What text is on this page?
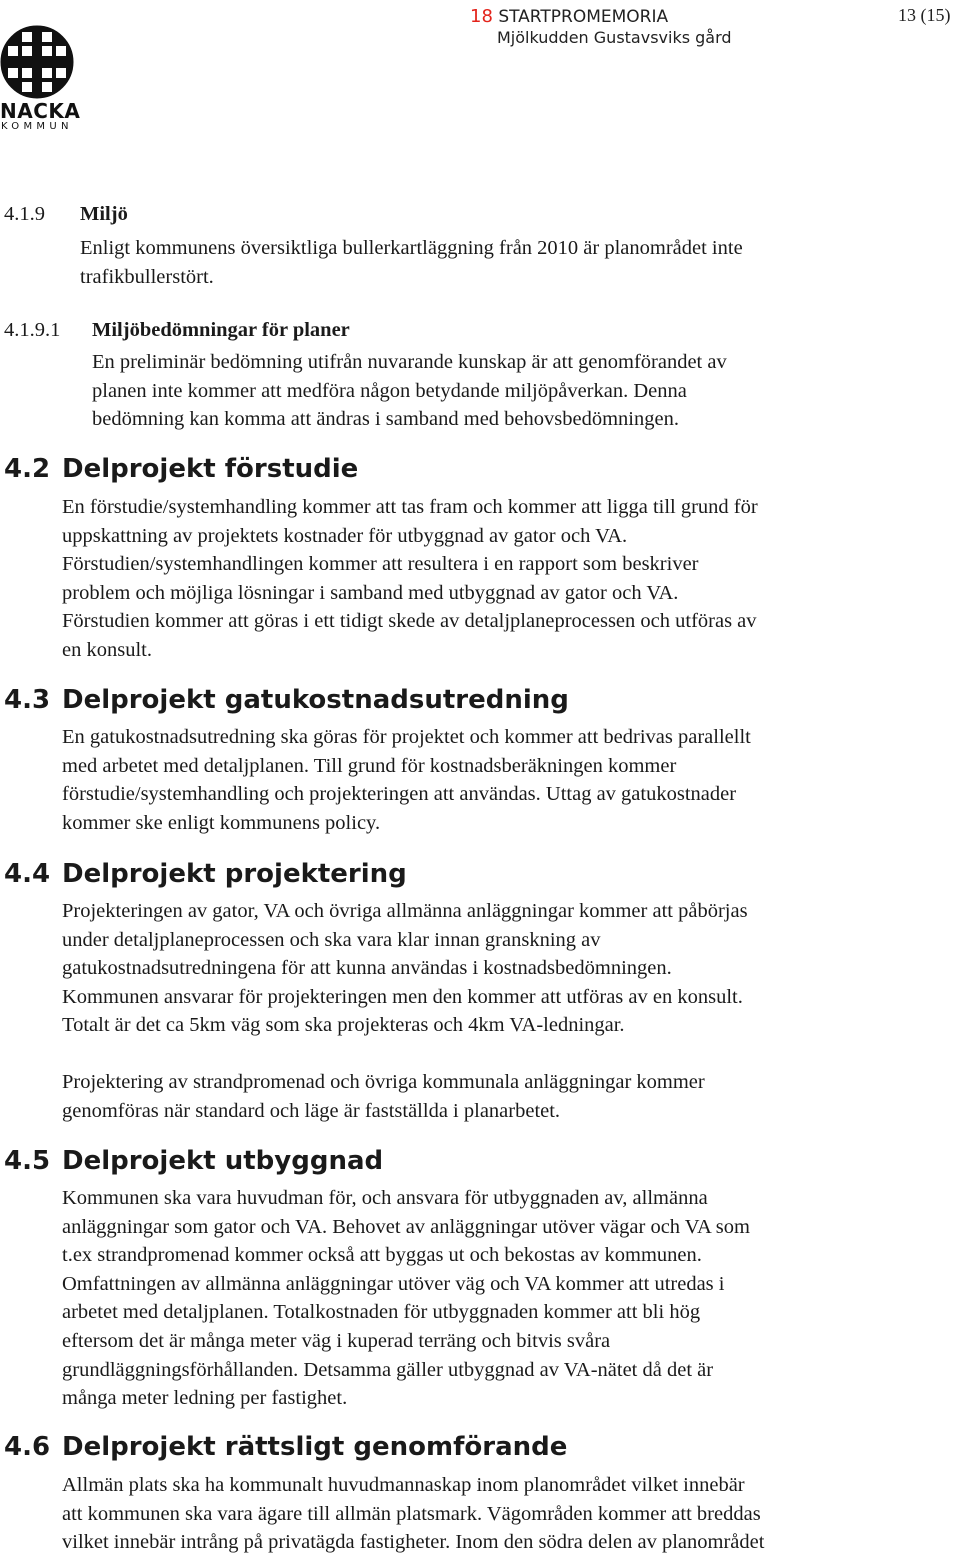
NACKA
KOMMUN
18 STARTPROMEMORIA
Mjölkudden Gustavsviks gård
13 (15)
4.1.9 Miljö
Enligt kommunens översiktliga bullerkartläggning från 2010 är planområdet inte
trafikbullerstört.
4.1.9.1 Miljöbedömningar för planer
En preliminär bedömning utifrån nuvarande kunskap är att genomförandet av
planen inte kommer att medföra någon betydande miljöpåverkan. Denna
bedömning kan komma att ändras i samband med behovsbedömningen.
4.2 Delprojekt förstudie
En förstudie/systemhandling kommer att tas fram och kommer att ligga till grund för
uppskattning av projektets kostnader för utbyggnad av gator och VA.
Förstudien/systemhandlingen kommer att resultera i en rapport som beskriver
problem och möjliga lösningar i samband med utbyggnad av gator och VA.
Förstudien kommer att göras i ett tidigt skede av detaljplaneprocessen och utföras av
en konsult.
4.3 Delprojekt gatukostnadsutredning
En gatukostnadsutredning ska göras för projektet och kommer att bedrivas parallellt
med arbetet med detaljplanen. Till grund för kostnadsberäkningen kommer
förstudie/systemhandling och projekteringen att användas. Uttag av gatukostnader
kommer ske enligt kommunens policy.
4.4 Delprojekt projektering
Projekteringen av gator, VA och övriga allmänna anläggningar kommer att påbörjas
under detaljplaneprocessen och ska vara klar innan granskning av
gatukostnadsutredningena för att kunna användas i kostnadsbedömningen.
Kommunen ansvarar för projekteringen men den kommer att utföras av en konsult.
Totalt är det ca 5km väg som ska projekteras och 4km VA-ledningar.
Projektering av strandpromenad och övriga kommunala anläggningar kommer
genomföras när standard och läge är fastställda i planarbetet.
4.5 Delprojekt utbyggnad
Kommunen ska vara huvudman för, och ansvara för utbyggnaden av, allmänna
anläggningar som gator och VA. Behovet av anläggningar utöver vägar och VA som
t.ex strandpromenad kommer också att byggas ut och bekostas av kommunen.
Omfattningen av allmänna anläggningar utöver väg och VA kommer att utredas i
arbetet med detaljplanen. Totalkostnaden för utbyggnaden kommer att bli hög
eftersom det är många meter väg i kuperad terräng och bitvis svåra
grundläggningsförhållanden. Detsamma gäller utbyggnad av VA-nätet då det är
många meter ledning per fastighet.
4.6 Delprojekt rättsligt genomförande
Allmän plats ska ha kommunalt huvudmannaskap inom planområdet vilket innebär
att kommunen ska vara ägare till allmän platsmark. Vägområden kommer att breddas
vilket innebär intrång på privatägda fastigheter. Inom den södra delen av planområdet
